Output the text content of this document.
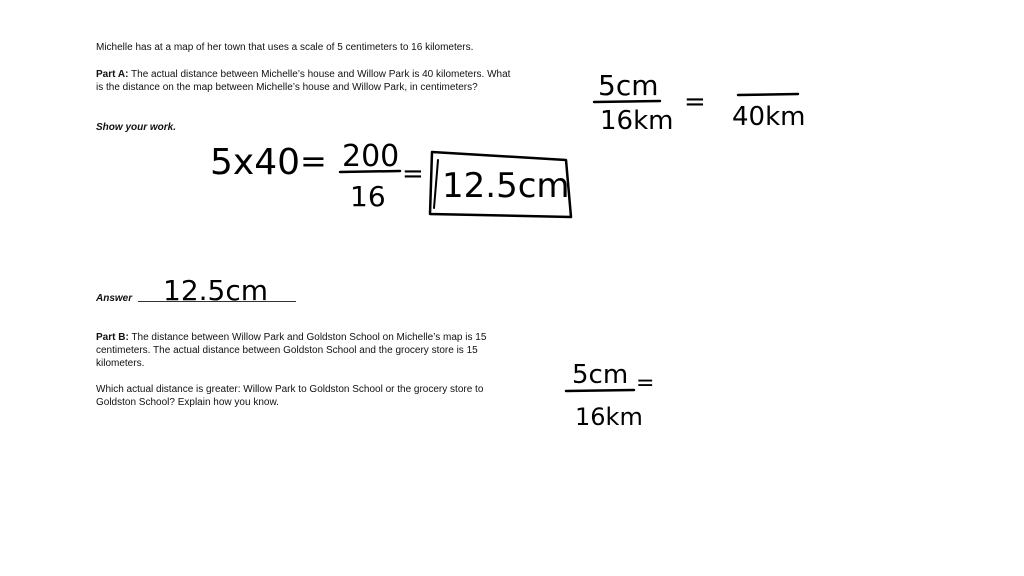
Michelle has at a map of her town that uses a scale of 5 centimeters to 16 kilometers.
Part A: The actual distance between Michelle’s house and Willow Park is 40 kilometers. What is the distance on the map between Michelle’s house and Willow Park, in centimeters?
Show your work.
Answer
Part B: The distance between Willow Park and Goldston School on Michelle’s map is 15 centimeters. The actual distance between Goldston School and the grocery store is 15 kilometers.
Which actual distance is greater: Willow Park to Goldston School or the grocery store to Goldston School? Explain how you know.
5x40 = 200
16
= 12.5cm
12.5cm
5cm
16km
= 40km
5cm
16km
=
